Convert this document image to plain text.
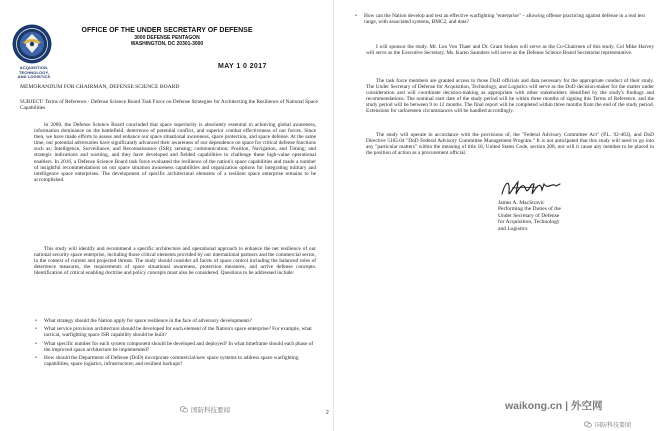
ACQUISITION,
TECHNOLOGY,
AND LOGISTICS
OFFICE OF THE UNDER SECRETARY OF DEFENSE
3000 DEFENSE PENTAGON
WASHINGTON, DC 20301-3000
MAY 1 0 2017

MEMORANDUM FOR CHAIRMAN, DEFENSE SCIENCE BOARD

SUBJECT: Terms of Reference - Defense Science Board Task Force on Defense Strategies for Architecting the Resilience of National Space Capabilities

In 2000, the Defense Science Board concluded that space superiority is absolutely essential in achieving global awareness, information dominance on the battlefield, deterrence of potential conflict, and superior combat effectiveness of our forces. Since then, we have made efforts to assess and enhance our space situational awareness, space protection, and space defense. At the same time, our potential adversaries have significantly advanced their awareness of our dependence on space for critical defense functions such as; Intelligence, Surveillance, and Reconnaissance (ISR); sensing; communication; Position, Navigation, and Timing; and strategic indications and warning, and they have developed and fielded capabilities to challenge these high-value operational enablers. In 2016, a Defense Science Board task force evaluated the resilience of the nation's space capabilities and made a number of insightful recommendations on our space situation awareness capabilities and organization options for integrating military and intelligence space enterprises. The development of specific architectural elements of a resilient space enterprise remains to be accomplished.

This study will identify and recommend a specific architecture and operational approach to enhance the net resilience of our national security space enterprise, including those critical elements provided by our international partners and the commercial sector, in the context of current and projected threats. The study should consider all facets of space control including the balanced roles of deterrence measures, the requirements of space situational awareness, protection measures, and active defense concepts. Identification of critical enabling doctrine and policy concepts must also be considered. Questions to be addressed include:

• What strategy should the Nation apply for space resilience in the face of adversary developments?
• What service provision architecture should be developed for each element of the Nation's space enterprise? For example, what tactical, warfighting space ISR capability should be built?
• What specific number for each system component should be developed and deployed? In what timeframe should each phase of the improved space architecture be implemented?
• How should the Department of Defense (DoD) incorporate commercial/new space systems to address space warfighting capabilities, space logistics, infrastructure, and resilient backups?
国防科技要闻
• How can the Nation develop and test an effective warfighting "enterprise" – allowing offense practicing against defense in a real test range, with associated systems, BMC2, and data?

I will sponsor the study. Mr. Lou Von Thaer and Dr. Grant Stokes will serve as the Co-Chairmen of this study. Col Mike Harvey will serve as the Executive Secretary. Ms. Karen Saunders will serve as the Defense Science Board Secretariat representative.

The task force members are granted access to those DoD officials and data necessary for the appropriate conduct of their study. The Under Secretary of Defense for Acquisition, Technology, and Logistics will serve as the DoD decision-maker for the matter under consideration and will coordinate decision-making as appropriate with other stakeholders identified by the study's findings and recommendations. The nominal start date of the study period will be within three months of signing this Terms of Reference, and the study period will be between 9 to 12 months. The final report will be completed within three months from the end of the study period. Extensions for unforeseen circumstances will be handled accordingly.

The study will operate in accordance with the provisions of, the "Federal Advisory Committee Act" (P.L. 92-463), and DoD Directive 5105.04 "DoD Federal Advisory Committee Management Program." It is not anticipated that this study will need to go into any "particular matters" within the meaning of title 18, United States Code, section 208, nor will it cause any member to be placed in the position of action as a procurement official.

James A. MacStravic
Performing the Duties of the
Under Secretary of Defense
for Acquisition, Technology
and Logistics
2
waikong.cn | 外空网
国防科技要闻
